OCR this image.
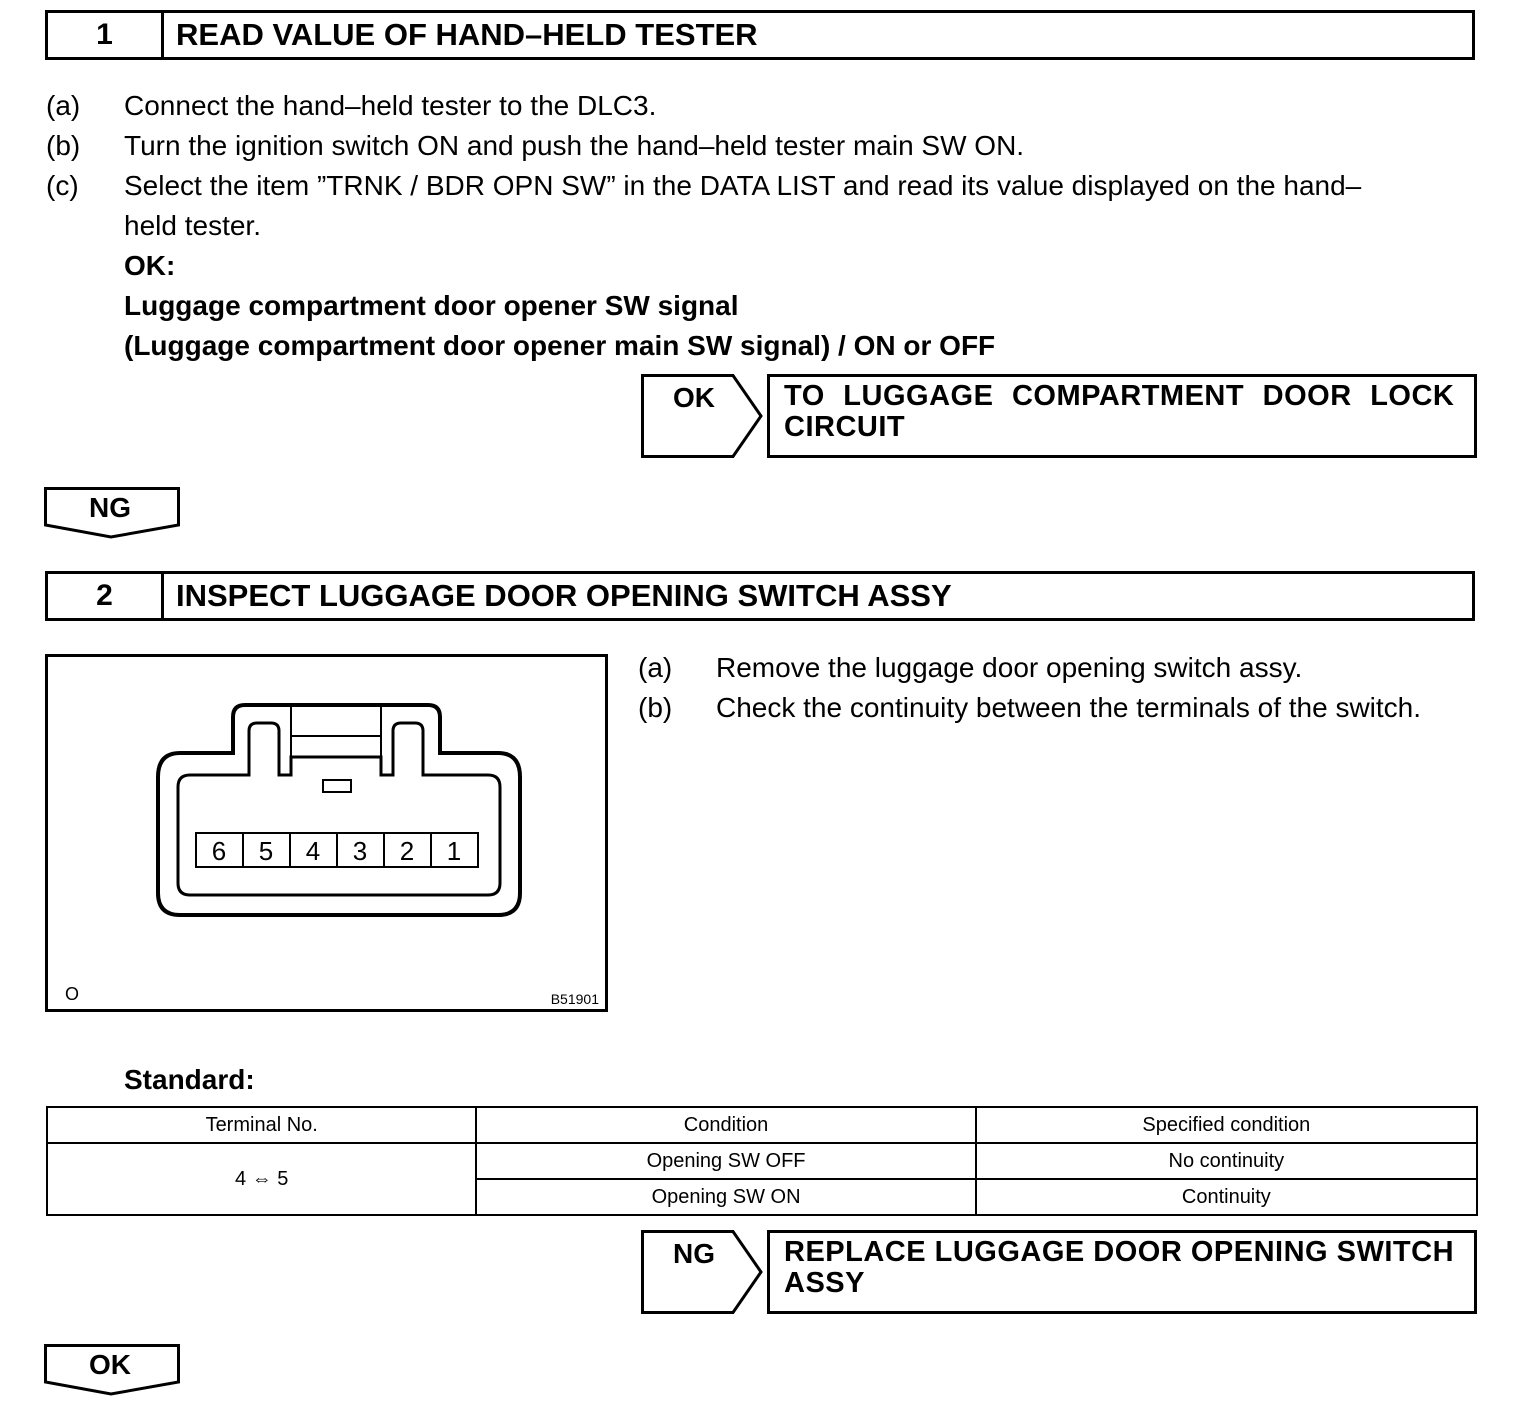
1	READ VALUE OF HAND–HELD TESTER
(a)	Connect the hand–held tester to the DLC3.
(b)	Turn the ignition switch ON and push the hand–held tester main SW ON.
(c)	Select the item ”TRNK / BDR OPN SW” in the DATA LIST and read its value displayed on the hand–
held tester.
OK:
Luggage compartment door opener SW signal
(Luggage compartment door opener main SW signal) / ON or OFF
OK TO LUGGAGE COMPARTMENT DOOR LOCK
CIRCUIT
NG
2	INSPECT LUGGAGE DOOR OPENING SWITCH ASSY
6 5 4 3 2 1
O	B51901
(a)	Remove the luggage door opening switch assy.
(b)	Check the continuity between the terminals of the switch.
Standard:
Terminal No.	Condition	Specified condition
4 ⇔ 5	Opening SW OFF	No continuity
	Opening SW ON	Continuity
NG REPLACE LUGGAGE DOOR OPENING SWITCH
ASSY
OK
